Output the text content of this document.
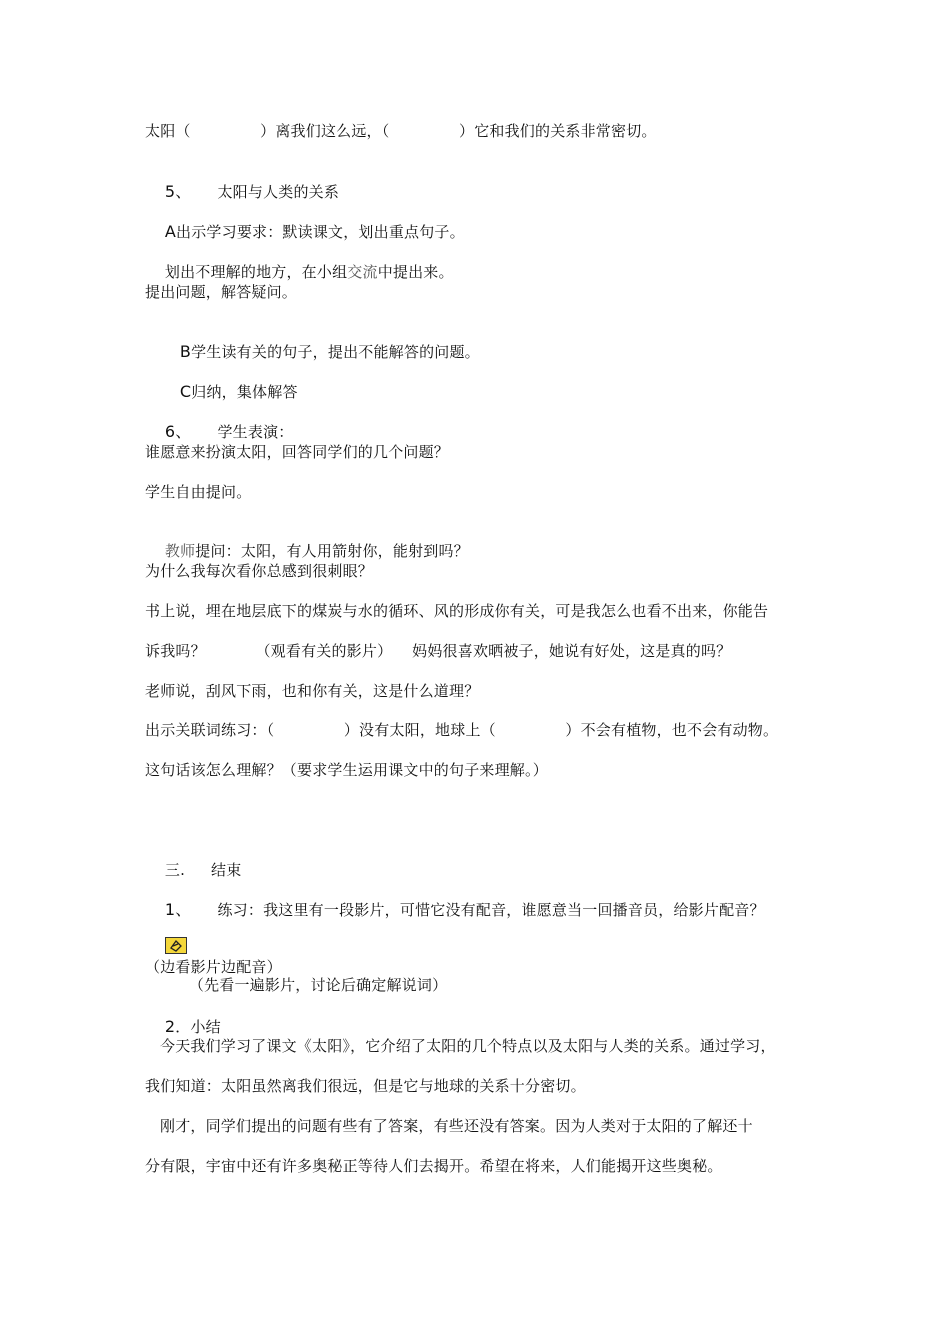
太阳（              ）离我们这么远，（              ）它和我们的关系非常密切。

5、 太阳与人类的关系

A出示学习要求：默读课文，划出重点句子。

划出不理解的地方，在小组交流中提出来。

提出问题，解答疑问。

B学生读有关的句子，提出不能解答的问题。

C归纳，集体解答

6、 学生表演：

谁愿意来扮演太阳，回答同学们的几个问题？
学生自由提问。

教师提问：太阳，有人用箭射你，能射到吗？

为什么我每次看你总感到很刺眼？
书上说，埋在地层底下的煤炭与水的循环、风的形成你有关，可是我怎么也看不出来，你能告
诉我吗？          （观看有关的影片）    妈妈很喜欢晒被子，她说有好处，这是真的吗？
老师说，刮风下雨，也和你有关，这是什么道理？
出示关联词练习：（              ）没有太阳，地球上（              ）不会有植物，也不会有动物。
这句话该怎么理解？（要求学生运用课文中的句子来理解。）

三. 结束

1、 练习：我这里有一段影片，可惜它没有配音，谁愿意当一回播音员，给影片配音？

（先看一遍影片，讨论后确定解说词）

（边看影片边配音）

2．小结

今天我们学习了课文《太阳》，它介绍了太阳的几个特点以及太阳与人类的关系。通过学习，
我们知道：太阳虽然离我们很远，但是它与地球的关系十分密切。
刚才，同学们提出的问题有些有了答案，有些还没有答案。因为人类对于太阳的了解还十
分有限，宇宙中还有许多奥秘正等待人们去揭开。希望在将来，人们能揭开这些奥秘。
